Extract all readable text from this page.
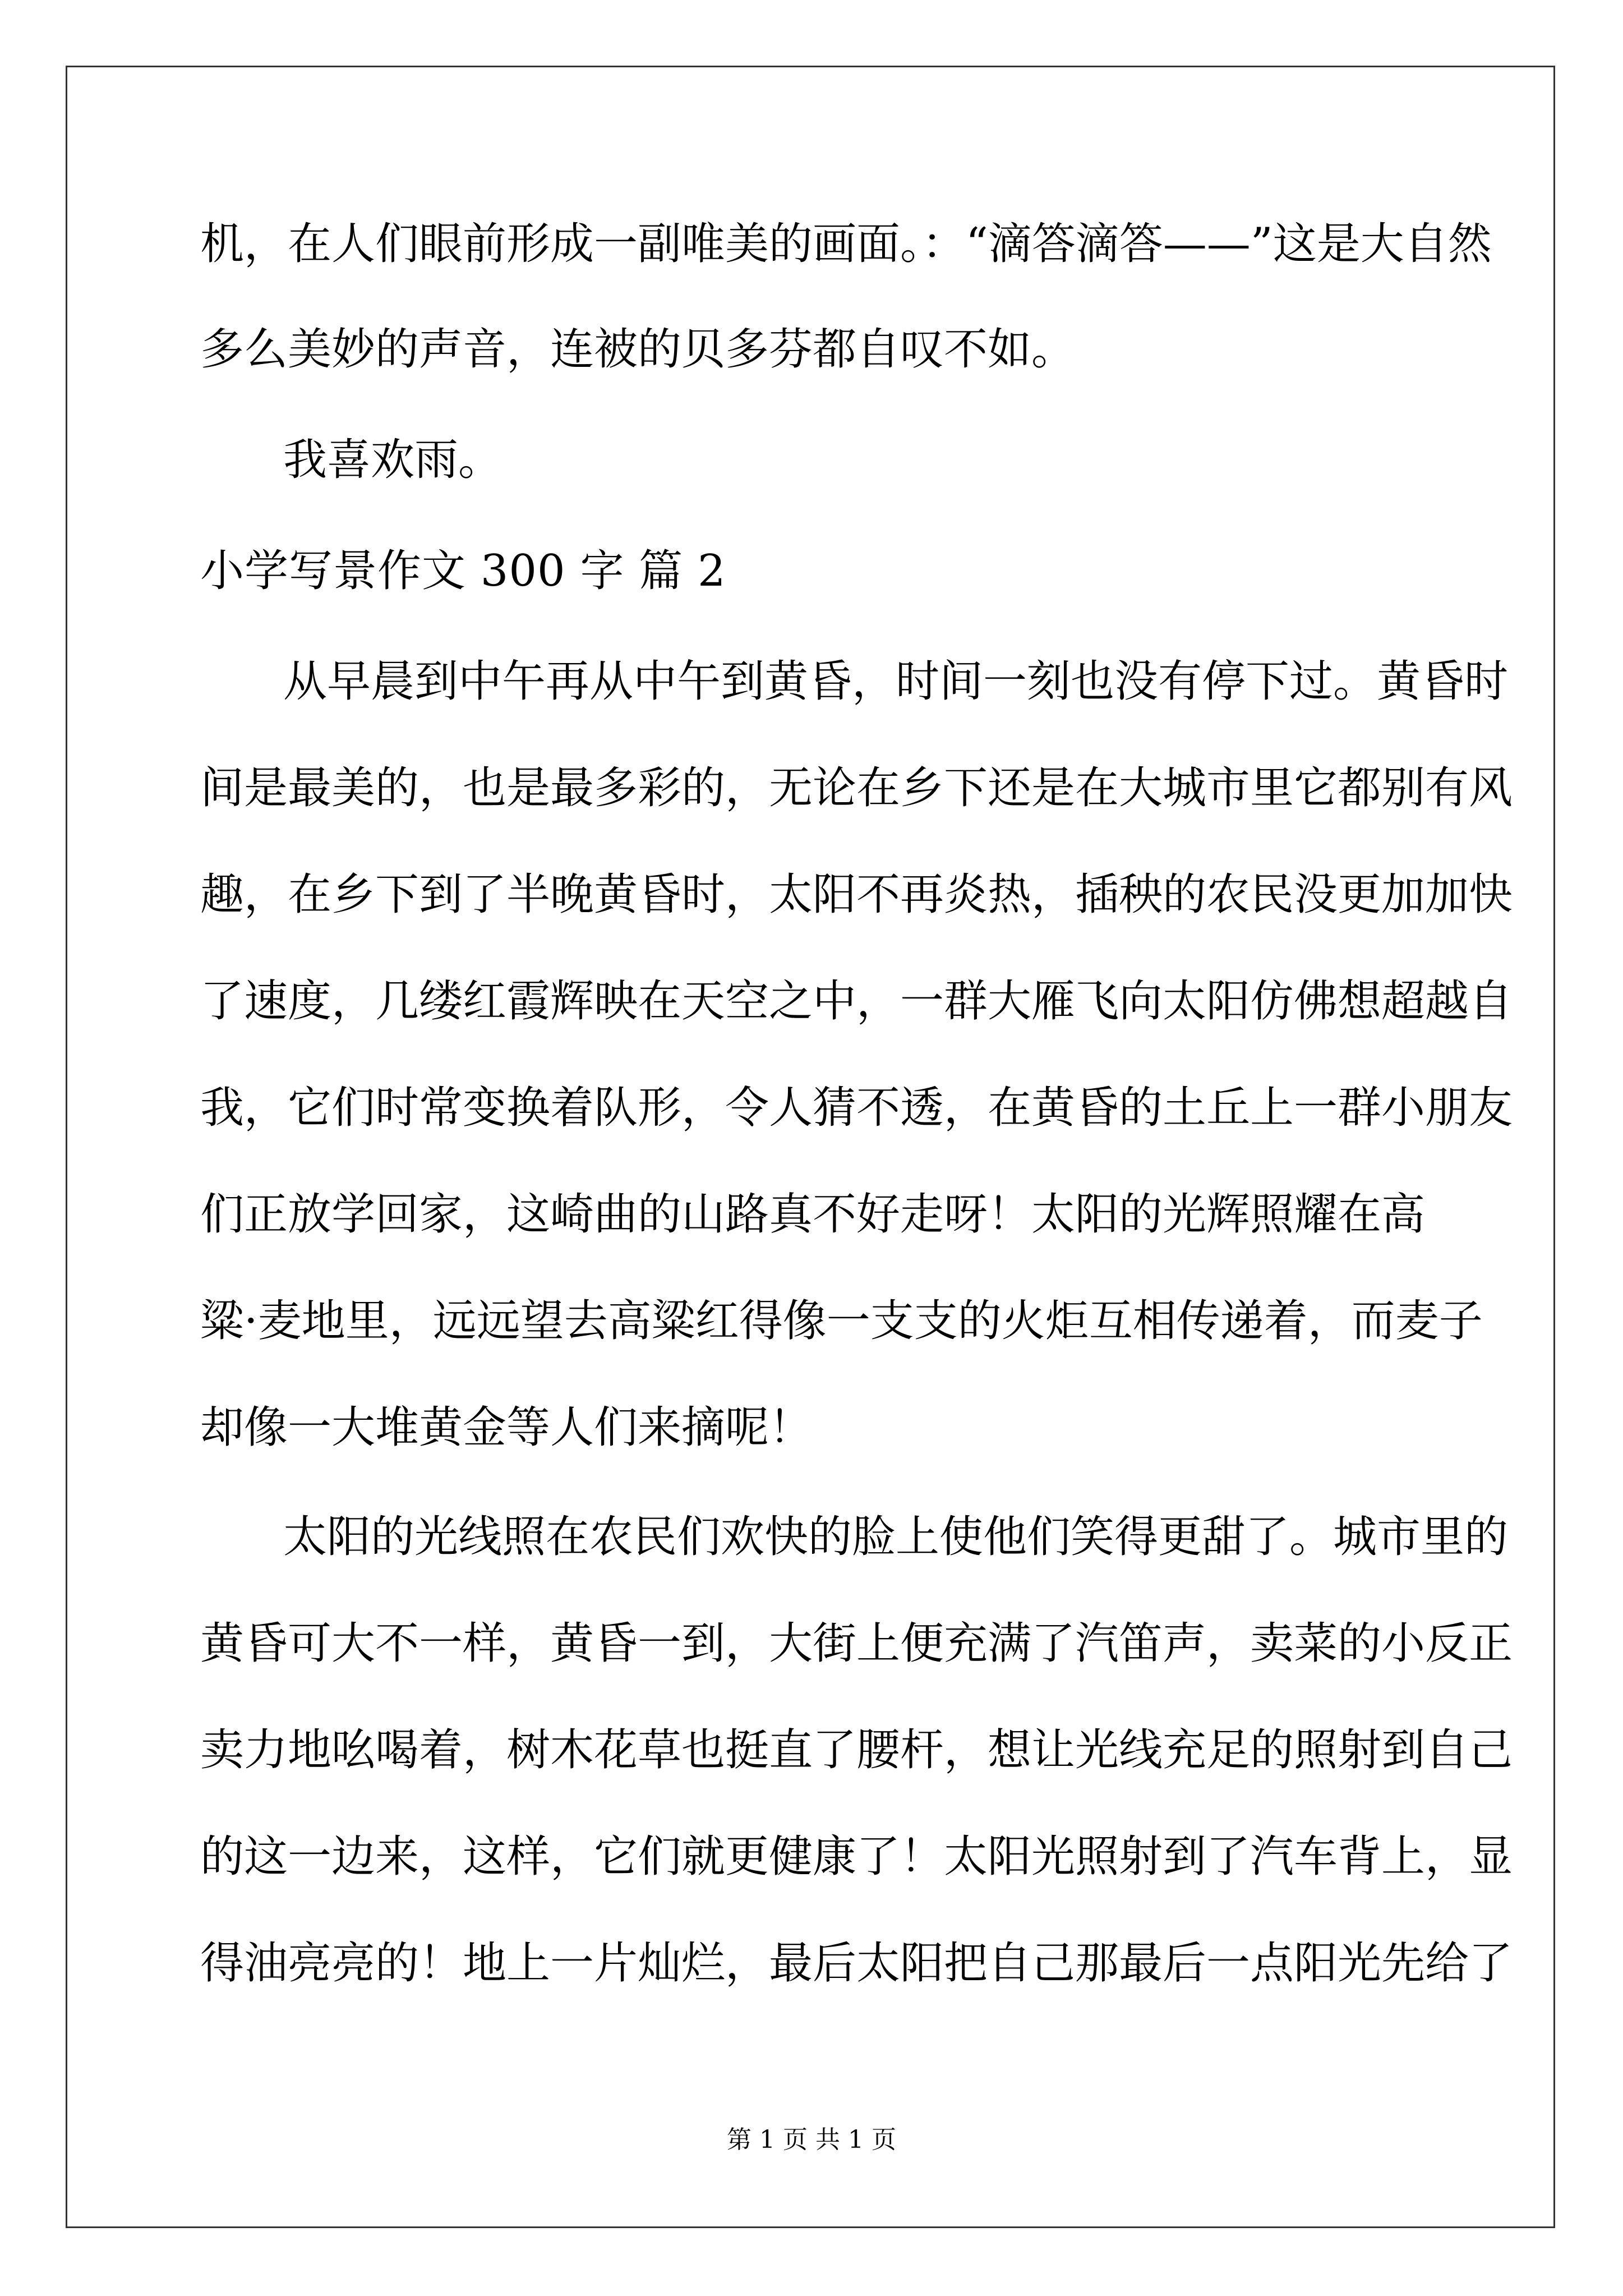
机，在人们眼前形成一副唯美的画面。：“滴答滴答——”这是大自然
多么美妙的声音，连被的贝多芬都自叹不如。
我喜欢雨。
小学写景作文 300 字 篇 2
从早晨到中午再从中午到黄昏，时间一刻也没有停下过。黄昏时
间是最美的，也是最多彩的，无论在乡下还是在大城市里它都别有风
趣，在乡下到了半晚黄昏时，太阳不再炎热，插秧的农民没更加加快
了速度，几缕红霞辉映在天空之中，一群大雁飞向太阳仿佛想超越自
我，它们时常变换着队形，令人猜不透，在黄昏的土丘上一群小朋友
们正放学回家，这崎曲的山路真不好走呀！太阳的光辉照耀在高
粱·麦地里，远远望去高粱红得像一支支的火炬互相传递着，而麦子
却像一大堆黄金等人们来摘呢！
太阳的光线照在农民们欢快的脸上使他们笑得更甜了。城市里的
黄昏可大不一样，黄昏一到，大街上便充满了汽笛声，卖菜的小反正
卖力地吆喝着，树木花草也挺直了腰杆，想让光线充足的照射到自己
的这一边来，这样，它们就更健康了！太阳光照射到了汽车背上，显
得油亮亮的！地上一片灿烂，最后太阳把自己那最后一点阳光先给了
第 1 页 共 1 页
